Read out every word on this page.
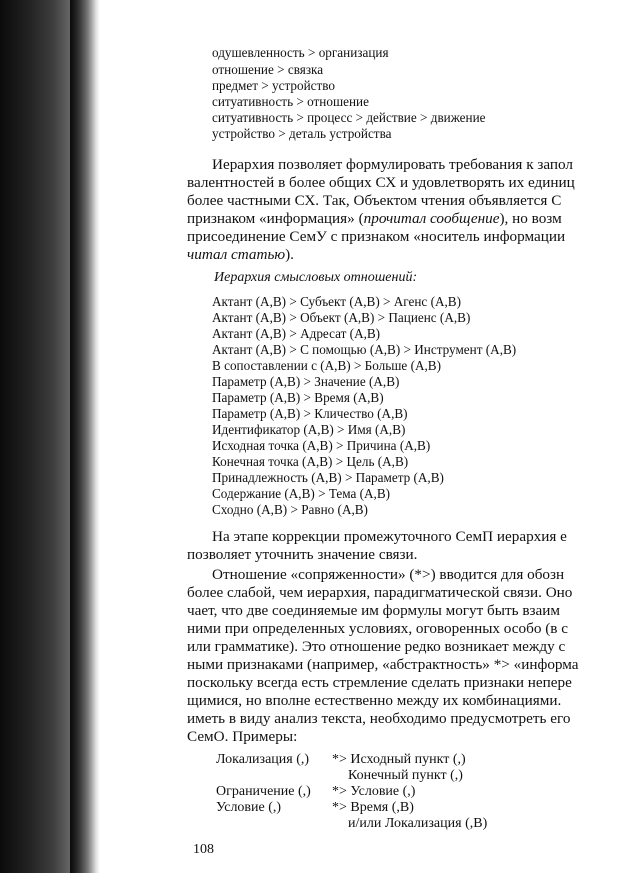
одушевленность > организация
отношение > связка
предмет > устройство
ситуативность > отношение
ситуативность > процесс > действие > движение
устройство > деталь устройства
Иерархия позволяет формулировать требования к запол
валентностей в более общих СХ и удовлетворять их единиц
более частными СХ. Так, Объектом чтения объявляется С
признаком «информация» (прочитал сообщение), но возм
присоединение СемУ с признаком «носитель информации
читал статью).
Иерархия смысловых отношений:
Актант (А,В) > Субъект (А,В) > Агенс (А,В)
Актант (А,В) > Объект (А,В) > Пациенс (А,В)
Актант (А,В) > Адресат (А,В)
Актант (А,В) > С помощью (А,В) > Инструмент (А,В)
В сопоставлении с (А,В) > Больше (А,В)
Параметр (А,В) > Значение (А,В)
Параметр (А,В) > Время (А,В)
Параметр (А,В) > Кличество (А,В)
Идентификатор (А,В) > Имя (А,В)
Исходная точка (А,В) > Причина (А,В)
Конечная точка (А,В) > Цель (А,В)
Принадлежность (А,В) > Параметр (А,В)
Содержание (А,В) > Тема (А,В)
Сходно (А,В) > Равно (А,В)
На этапе коррекции промежуточного СемП иерархия е
позволяет уточнить значение связи.
Отношение «сопряженности» (*>) вводится для обозн
более слабой, чем иерархия, парадигматической связи. Оно
чает, что две соединяемые им формулы могут быть взаим
ними при определенных условиях, оговоренных особо (в с
или грамматике). Это отношение редко возникает между с
ными признаками (например, «абстрактность» *> «информа
поскольку всегда есть стремление сделать признаки непере
щимися, но вполне естественно между их комбинациями.
иметь в виду анализ текста, необходимо предусмотреть его
СемО. Примеры:
Локализация (,) *> Исходный пункт (,)
Конечный пункт (,)
Ограничение (,) *> Условие (,)
Условие (,)	*> Время (,В)
и/или Локализация (,В)
108
